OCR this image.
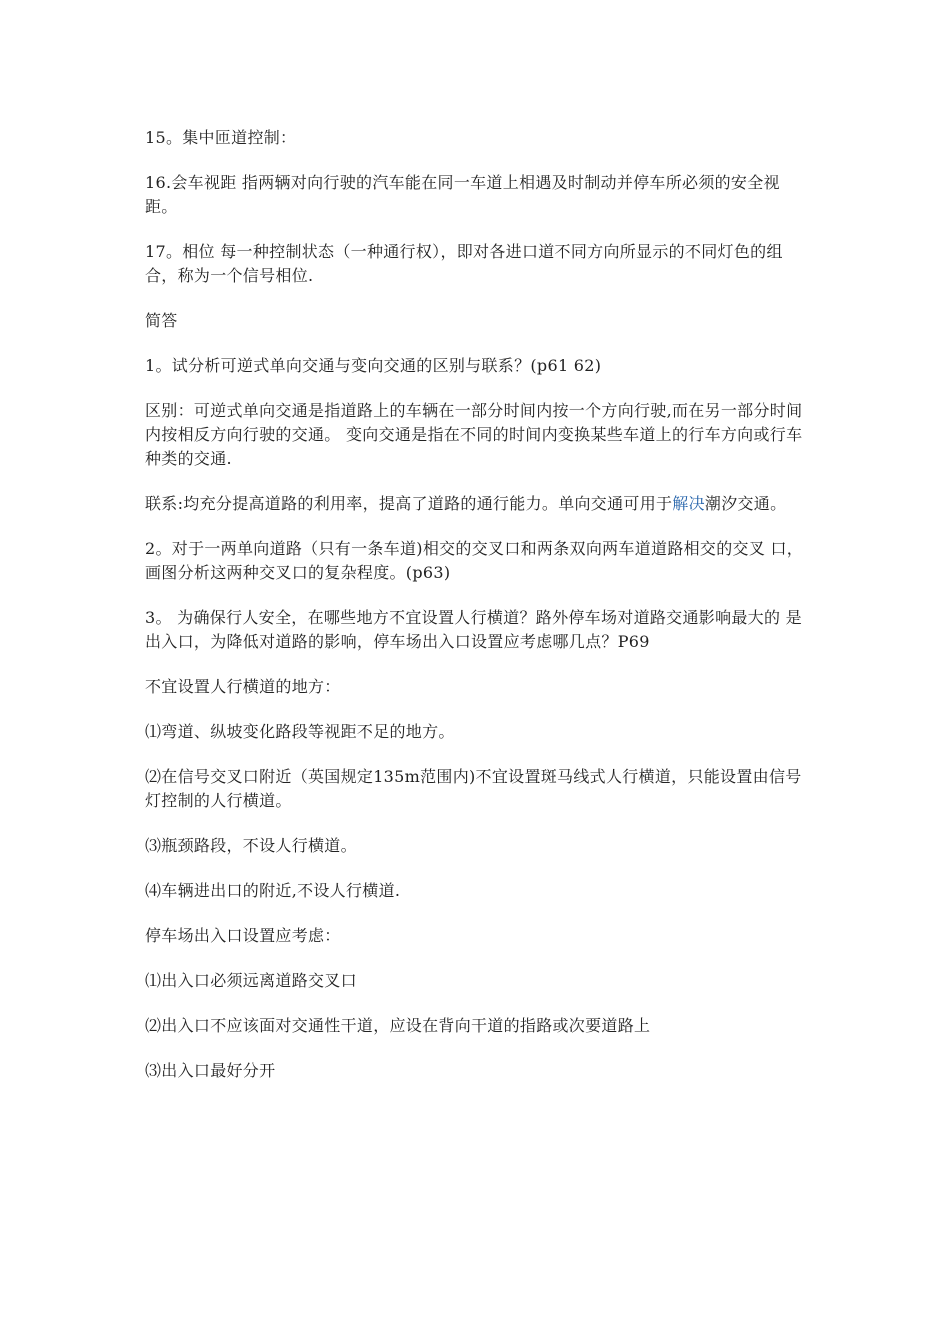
15。集中匝道控制：

16.会车视距 指两辆对向行驶的汽车能在同一车道上相遇及时制动并停车所必须的安全视距。

17。相位 每一种控制状态（一种通行权），即对各进口道不同方向所显示的不同灯色的组合，称为一个信号相位.

简答

1。试分析可逆式单向交通与变向交通的区别与联系？(p61 62)

区别：可逆式单向交通是指道路上的车辆在一部分时间内按一个方向行驶,而在另一部分时间内按相反方向行驶的交通。 变向交通是指在不同的时间内变换某些车道上的行车方向或行车种类的交通.

联系:均充分提高道路的利用率，提高了道路的通行能力。单向交通可用于解决潮汐交通。

2。对于一两单向道路（只有一条车道)相交的交叉口和两条双向两车道道路相交的交叉 口，画图分析这两种交叉口的复杂程度。(p63)

3。 为确保行人安全，在哪些地方不宜设置人行横道？路外停车场对道路交通影响最大的 是出入口，为降低对道路的影响，停车场出入口设置应考虑哪几点？P69

不宜设置人行横道的地方：

⑴弯道、纵坡变化路段等视距不足的地方。

⑵在信号交叉口附近（英国规定135m范围内)不宜设置斑马线式人行横道，只能设置由信号灯控制的人行横道。

⑶瓶颈路段，不设人行横道。

⑷车辆进出口的附近,不设人行横道.

停车场出入口设置应考虑：

⑴出入口必须远离道路交叉口

⑵出入口不应该面对交通性干道，应设在背向干道的指路或次要道路上

⑶出入口最好分开
